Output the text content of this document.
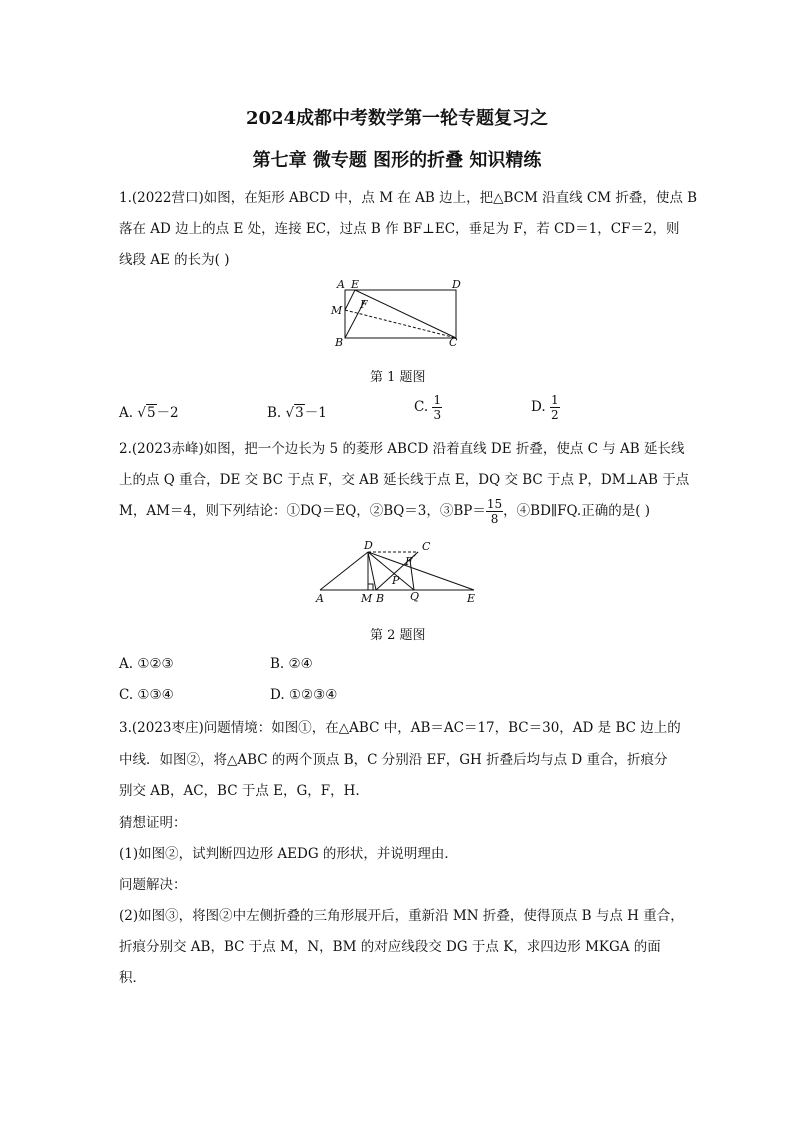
2024成都中考数学第一轮专题复习之
第七章 微专题 图形的折叠 知识精练
1.(2022营口)如图，在矩形 ABCD 中，点 M 在 AB 边上，把△BCM 沿直线 CM 折叠，使点 B
落在 AD 边上的点 E 处，连接 EC，过点 B 作 BF⊥EC，垂足为 F，若 CD＝1，CF＝2，则
线段 AE 的长为( )
A E	D
F
M
B	C
第 1 题图
A. √5－2	B. √3－1	C. $\frac{1}{3}$	D. $\frac{1}{2}$
2.(2023赤峰)如图，把一个边长为 5 的菱形 ABCD 沿着直线 DE 折叠，使点 C 与 AB 延长线
上的点 Q 重合，DE 交 BC 于点 F，交 AB 延长线于点 E，DQ 交 BC 于点 P，DM⊥AB 于点
M，AM＝4，则下列结论：①DQ＝EQ，②BQ＝3，③BP＝ $\frac{15}{8}$ ，④BD∥FQ.正确的是( )
D	C
F
P
A	M B Q	E
第 2 题图
A. ①②③	B. ②④
C. ①③④	D. ①②③④
3.(2023枣庄)问题情境：如图①，在△ABC 中，AB＝AC＝17，BC＝30，AD 是 BC 边上的
中线．如图②，将△ABC 的两个顶点 B，C 分别沿 EF，GH 折叠后均与点 D 重合，折痕分
别交 AB，AC，BC 于点 E，G，F，H.
猜想证明：
(1)如图②，试判断四边形 AEDG 的形状，并说明理由．
问题解决：
(2)如图③，将图②中左侧折叠的三角形展开后，重新沿 MN 折叠，使得顶点 B 与点 H 重合，
折痕分别交 AB，BC 于点 M，N，BM 的对应线段交 DG 于点 K，求四边形 MKGA 的面
积．
